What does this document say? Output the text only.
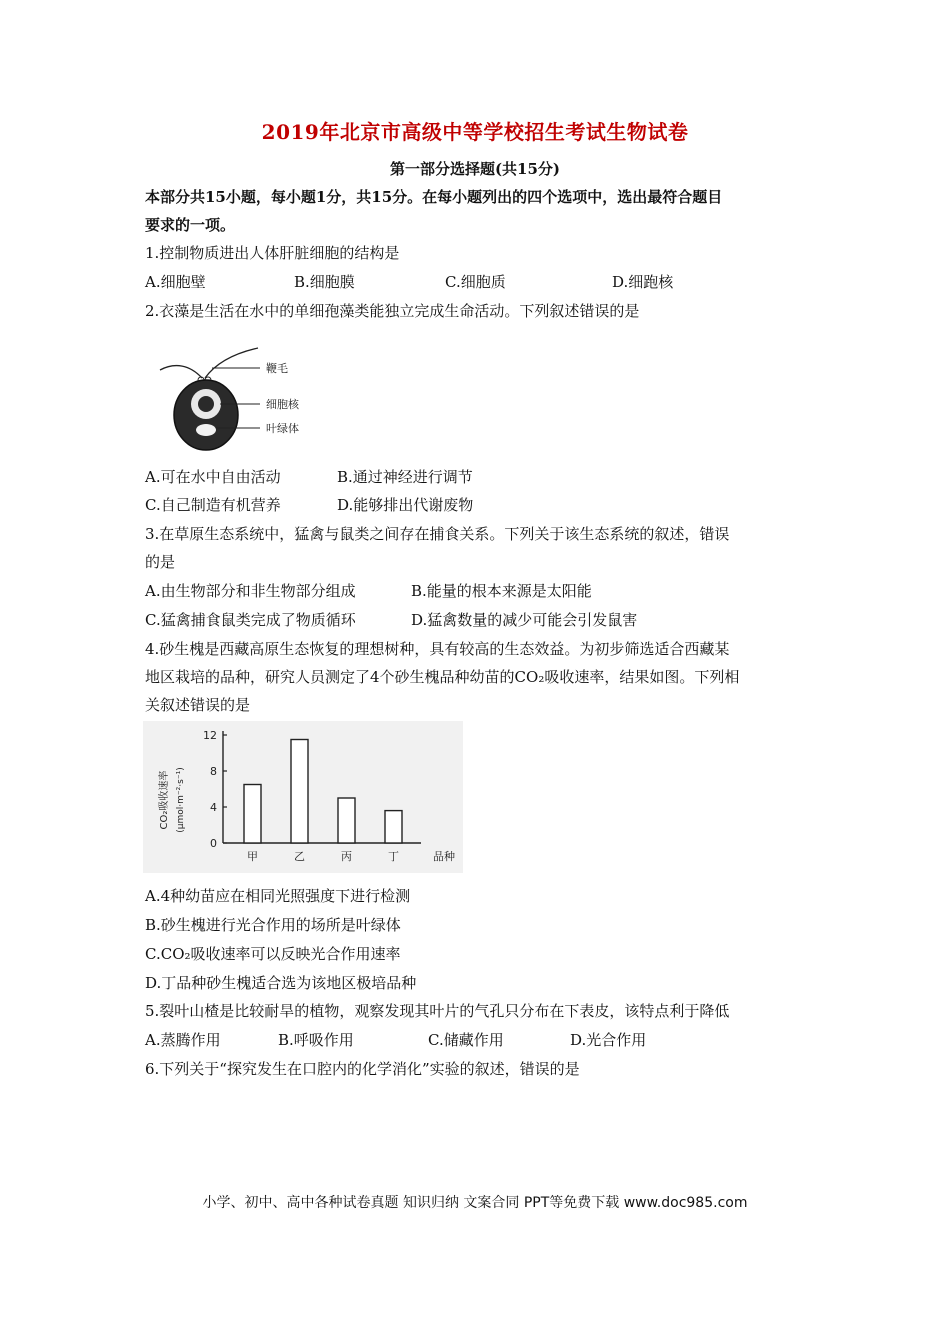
2019年北京市高级中等学校招生考试生物试卷
第一部分选择题(共15分)
本部分共15小题，每小题1分，共15分。在每小题列出的四个选项中，选出最符合题目
要求的一项。
1.控制物质进出人体肝脏细胞的结构是
A.细胞壁	B.细胞膜	C.细胞质	D.细跑核
2.衣藻是生活在水中的单细孢藻类能独立完成生命活动。下列叙述错误的是
鞭毛
细胞核
叶绿体
A.可在水中自由活动	B.通过神经进行调节
C.自己制造有机营养	D.能够排出代谢废物
3.在草原生态系统中，猛禽与鼠类之间存在捕食关系。下列关于该生态系统的叙述，错误
的是
A.由生物部分和非生物部分组成	B.能量的根本来源是太阳能
C.猛禽捕食鼠类完成了物质循环	D.猛禽数量的减少可能会引发鼠害
4.砂生槐是西藏高原生态恢复的理想树种，具有较高的生态效益。为初步筛选适合西藏某
地区栽培的品种，研究人员测定了4个砂生槐品种幼苗的CO₂吸收速率，结果如图。下列相
关叙述错误的是
CO₂吸收速率 (μmol·m⁻²·s⁻¹)
0
4
8
12
甲	乙	丙	丁	品种
A.4种幼苗应在相同光照强度下进行检测
B.砂生槐进行光合作用的场所是叶绿体
C.CO₂吸收速率可以反映光合作用速率
D.丁品种砂生槐适合选为该地区极培品种
5.裂叶山楂是比较耐旱的植物，观察发现其叶片的气孔只分布在下表皮，该特点利于降低
A.蒸腾作用	B.呼吸作用	C.储藏作用	D.光合作用
6.下列关于“探究发生在口腔内的化学消化”实验的叙述，错误的是
小学、初中、高中各种试卷真题 知识归纳 文案合同 PPT等免费下载 www.doc985.com
